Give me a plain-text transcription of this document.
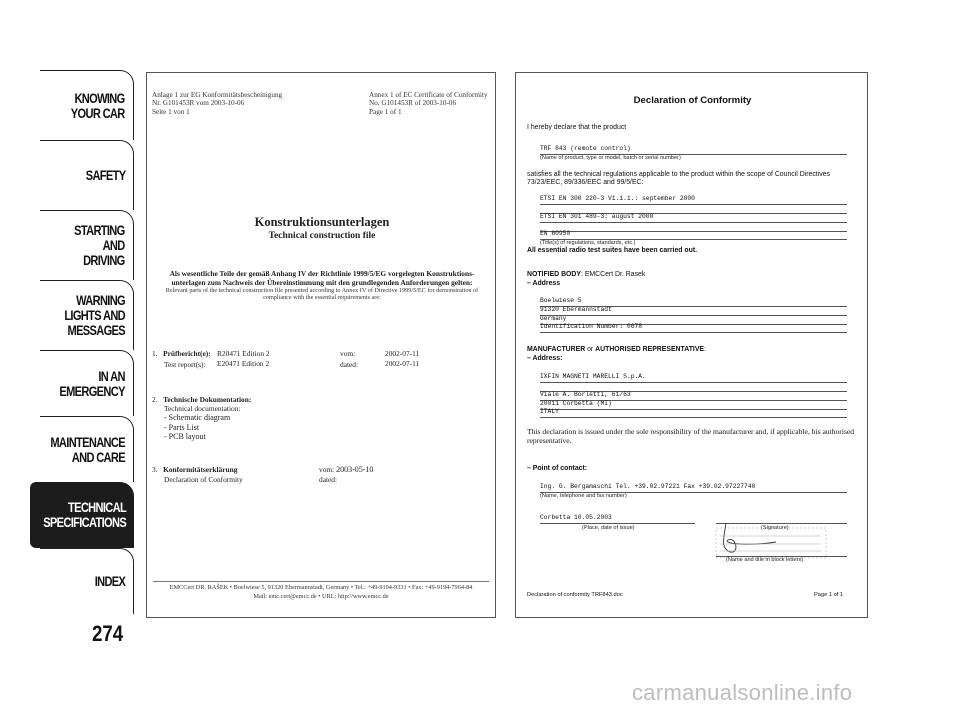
KNOWING
YOUR CAR
SAFETY
STARTING
AND
DRIVING
WARNING
LIGHTS AND
MESSAGES
IN AN
EMERGENCY
MAINTENANCE
AND CARE
TECHNICAL
SPECIFICATIONS
INDEX
274
Anlage 1 zur EG Konformitätsbescheinigung
Nr. G101453R vom 2003-10-06
Seite 1 von 1
Annex 1 of EC Certificate of Conformity
No. G101453R of 2003-10-06
Page 1 of 1
Konstruktionsunterlagen
Technical construction file
Als wesentliche Teile der gemäß Anhang IV der Richtlinie 1999/5/EG vorgelegten Konstruktions-unterlagen zum Nachweis der Übereinstimmung mit den grundlegenden Anforderungen gelten:
Relevant parts of the technical construction file presented according to Annex IV of Directive 1999/5/EC for demonstration of compliance with the essential requirements are:
1. Prüfbericht(e):
Test report(s):
R20471 Edition 2
E20471 Edition 2
vom:
dated:
2002-07-11
2002-07-11
2. Technische Dokumentation:
Technical documentation:
- Schematic diagram
- Parts List
- PCB layout
3. Konformitätserklärung
Declaration of Conformity
vom: 2003-05-10
dated:
EMCCert DR. RAŠEK • Boelwiese 5, 91320 Ebermannstadt, Germany • Tel.: +49-9194-9331 • Fax: +49-9194-7964-84
Mail: emc.cert@emcc.de • URL: http://www.emcc.de
Declaration of Conformity
I hereby declare that the product
TRF 843 (remote control)
(Name of product, type or model, batch or serial number)
satisfies all the technical regulations applicable to the product within the scope of Council Directives 73/23/EEC, 89/336/EEC and 99/5/EC:
ETSI EN 300 220-3 V1.1.1.: september 2000
ETSI EN 301 489-3: august 2000
EN 60950
(Title(s) of regulations, standards, etc.)
All essential radio test suites have been carried out.
NOTIFIED BODY: EMCCert Dr. Rasek
– Address
Boelwiese 5
91320 Ebermannstadt
Germany
Identification Number: 0678
MANUFACTURER or AUTHORISED REPRESENTATIVE:
– Address:
IXFIN MAGNETI MARELLI S.p.A.
Viale A. Borletti, 61/63
20011 Corbetta (MI)
ITALY
This declaration is issued under the sole responsibility of the manufacturer and, if applicable, his authorised representative.
– Point of contact:
Ing. G. Bergamaschi Tel. +39.02.97221 Fax +39.02.97227740
(Name, telephone and fax number)
Corbetta 10.05.2003
(Place, date of issue)	(Signature)
(Name and title in block letters)
Declaration of conformity TRF843.doc	Page 1 of 1
carmanualsonline.info
